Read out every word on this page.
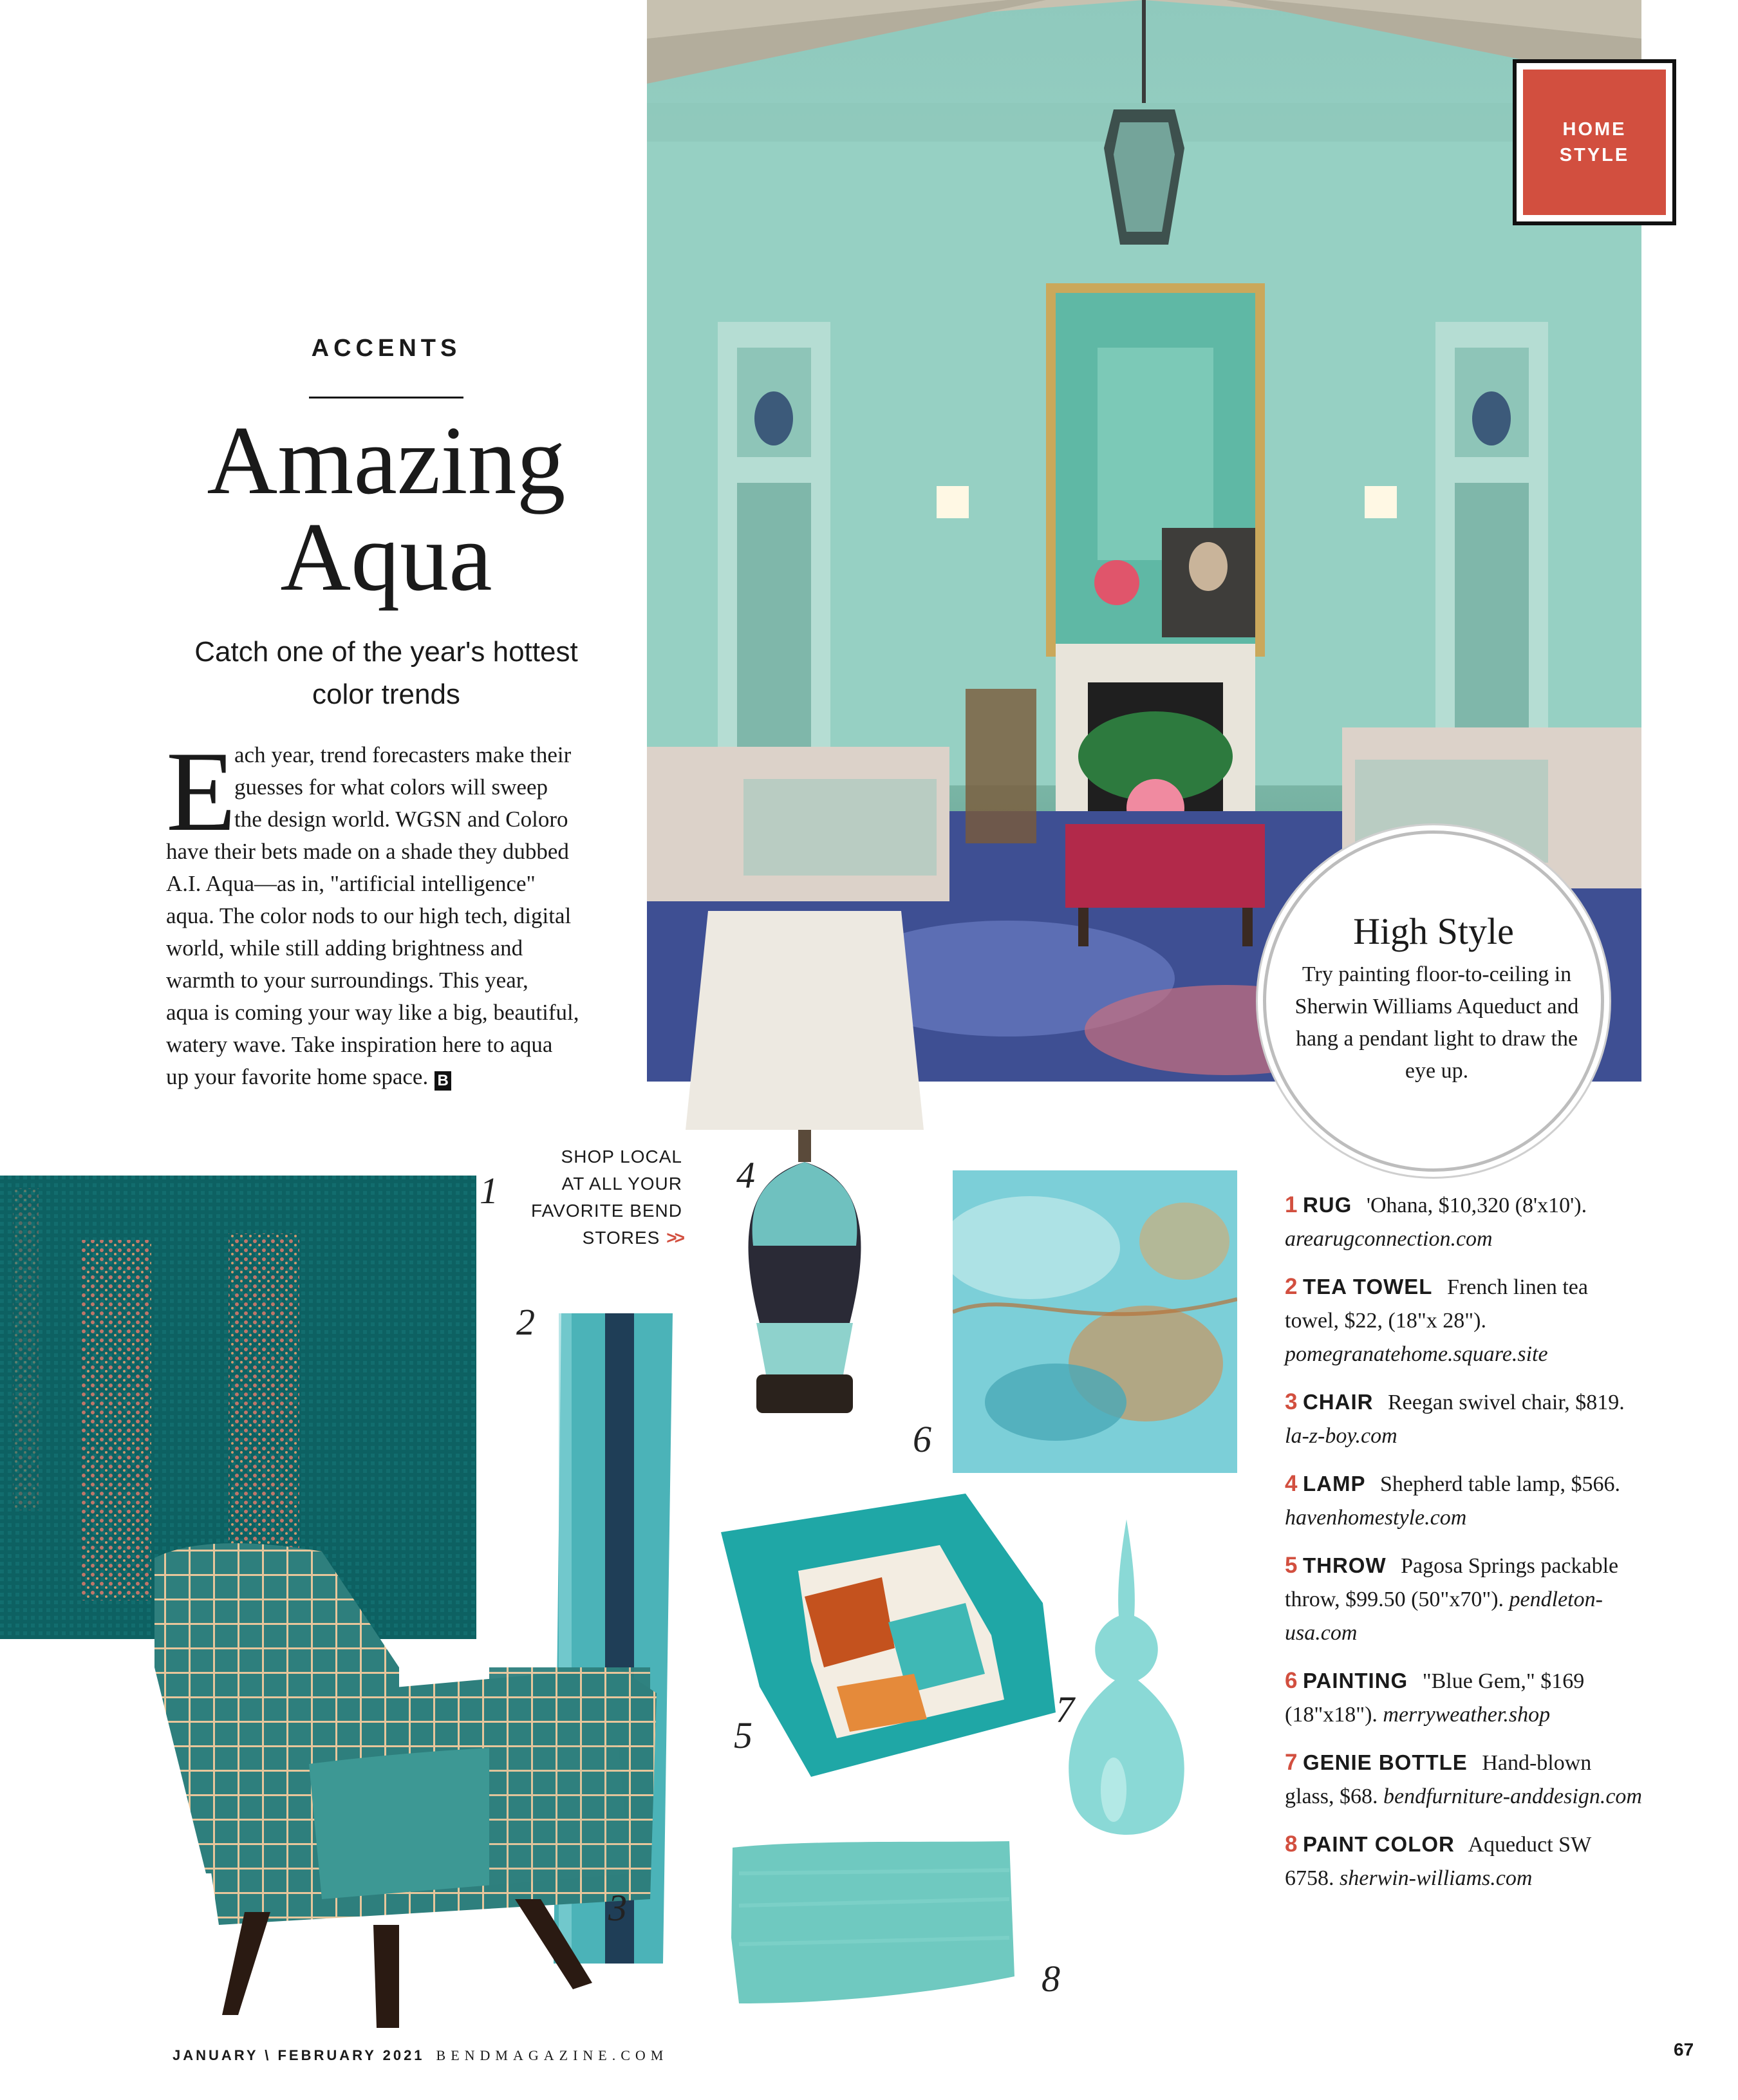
HOME
STYLE
ACCENTS
Amazing
Aqua
Catch one of the year's hottest
color trends
E
ach year, trend forecasters make their
guesses for what colors will sweep
the design world. WGSN and Coloro
have their bets made on a shade they dubbed
A.I. Aqua—as in, "artificial intelligence"
aqua. The color nods to our high tech, digital
world, while still adding brightness and
warmth to your surroundings. This year,
aqua is coming your way like a big, beautiful,
watery wave. Take inspiration here to aqua
up your favorite home space. B
High Style
Try painting floor-to-ceiling in Sherwin Williams Aqueduct and hang a pendant light to draw the eye up.
SHOP LOCAL
AT ALL YOUR
FAVORITE BEND
STORES >>
1
2
3
4
6
5
7
8
1 RUG 'Ohana, $10,320 (8'x10'). arearugconnection.com
2 TEA TOWEL French linen tea towel, $22, (18"x 28"). pomegranatehome.square.site
3 CHAIR Reegan swivel chair, $819. la-z-boy.com
4 LAMP Shepherd table lamp, $566. havenhomestyle.com
5 THROW Pagosa Springs packable throw, $99.50 (50"x70"). pendleton-usa.com
6 PAINTING "Blue Gem," $169 (18"x18"). merryweather.shop
7 GENIE BOTTLE Hand-blown glass, $68. bendfurniture-anddesign.com
8 PAINT COLOR Aqueduct SW 6758. sherwin-williams.com
JANUARY \ FEBRUARY 2021 BENDMAGAZINE.COM	67
